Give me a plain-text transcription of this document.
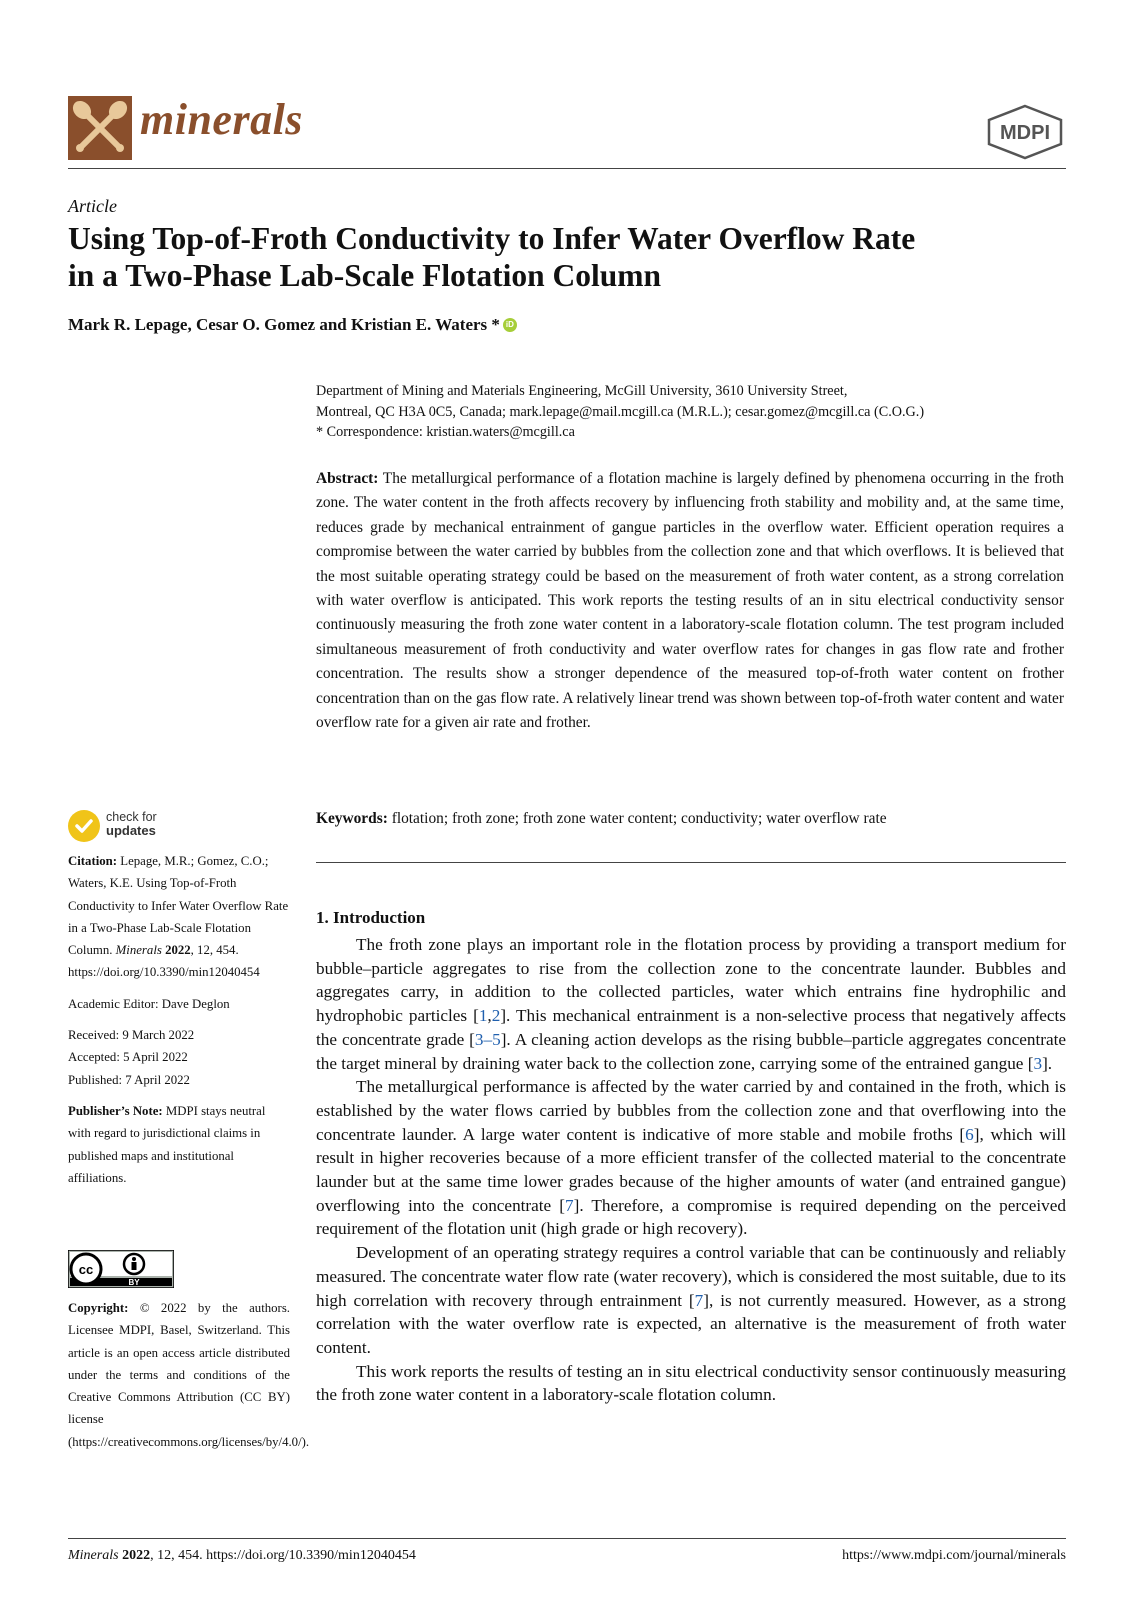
minerals	MDPI
Article
Using Top-of-Froth Conductivity to Infer Water Overflow Rate
in a Two-Phase Lab-Scale Flotation Column
Mark R. Lepage, Cesar O. Gomez and Kristian E. Waters * iD
Department of Mining and Materials Engineering, McGill University, 3610 University Street,
Montreal, QC H3A 0C5, Canada; mark.lepage@mail.mcgill.ca (M.R.L.); cesar.gomez@mcgill.ca (C.O.G.)
* Correspondence: kristian.waters@mcgill.ca
Abstract: The metallurgical performance of a flotation machine is largely defined by phenomena occurring in the froth zone. The water content in the froth affects recovery by influencing froth stability and mobility and, at the same time, reduces grade by mechanical entrainment of gangue particles in the overflow water. Efficient operation requires a compromise between the water carried by bubbles from the collection zone and that which overflows. It is believed that the most suitable operating strategy could be based on the measurement of froth water content, as a strong correlation with water overflow is anticipated. This work reports the testing results of an in situ electrical conductivity sensor continuously measuring the froth zone water content in a laboratory-scale flotation column. The test program included simultaneous measurement of froth conductivity and water overflow rates for changes in gas flow rate and frother concentration. The results show a stronger dependence of the measured top-of-froth water content on frother concentration than on the gas flow rate. A relatively linear trend was shown between top-of-froth water content and water overflow rate for a given air rate and frother.
Keywords: flotation; froth zone; froth zone water content; conductivity; water overflow rate
check for
updates

Citation: Lepage, M.R.; Gomez, C.O.; Waters, K.E. Using Top-of-Froth Conductivity to Infer Water Overflow Rate in a Two-Phase Lab-Scale Flotation Column. Minerals 2022, 12, 454. https://doi.org/10.3390/min12040454

Academic Editor: Dave Deglon

Received: 9 March 2022

Accepted: 5 April 2022

Published: 7 April 2022

Publisher’s Note: MDPI stays neutral with regard to jurisdictional claims in published maps and institutional affiliations.

cc
BY
Copyright: © 2022 by the authors. Licensee MDPI, Basel, Switzerland. This article is an open access article distributed under the terms and conditions of the Creative Commons Attribution (CC BY) license (https://creativecommons.org/licenses/by/4.0/).
1. Introduction

The froth zone plays an important role in the flotation process by providing a transport medium for bubble–particle aggregates to rise from the collection zone to the concentrate launder. Bubbles and aggregates carry, in addition to the collected particles, water which entrains fine hydrophilic and hydrophobic particles [1,2]. This mechanical entrainment is a non-selective process that negatively affects the concentrate grade [3–5]. A cleaning action develops as the rising bubble–particle aggregates concentrate the target mineral by draining water back to the collection zone, carrying some of the entrained gangue [3].

The metallurgical performance is affected by the water carried by and contained in the froth, which is established by the water flows carried by bubbles from the collection zone and that overflowing into the concentrate launder. A large water content is indicative of more stable and mobile froths [6], which will result in higher recoveries because of a more efficient transfer of the collected material to the concentrate launder but at the same time lower grades because of the higher amounts of water (and entrained gangue) overflowing into the concentrate [7]. Therefore, a compromise is required depending on the perceived requirement of the flotation unit (high grade or high recovery).

Development of an operating strategy requires a control variable that can be continuously and reliably measured. The concentrate water flow rate (water recovery), which is considered the most suitable, due to its high correlation with recovery through entrainment [7], is not currently measured. However, as a strong correlation with the water overflow rate is expected, an alternative is the measurement of froth water content.

This work reports the results of testing an in situ electrical conductivity sensor continuously measuring the froth zone water content in a laboratory-scale flotation column.

Minerals 2022, 12, 454. https://doi.org/10.3390/min12040454	https://www.mdpi.com/journal/minerals
